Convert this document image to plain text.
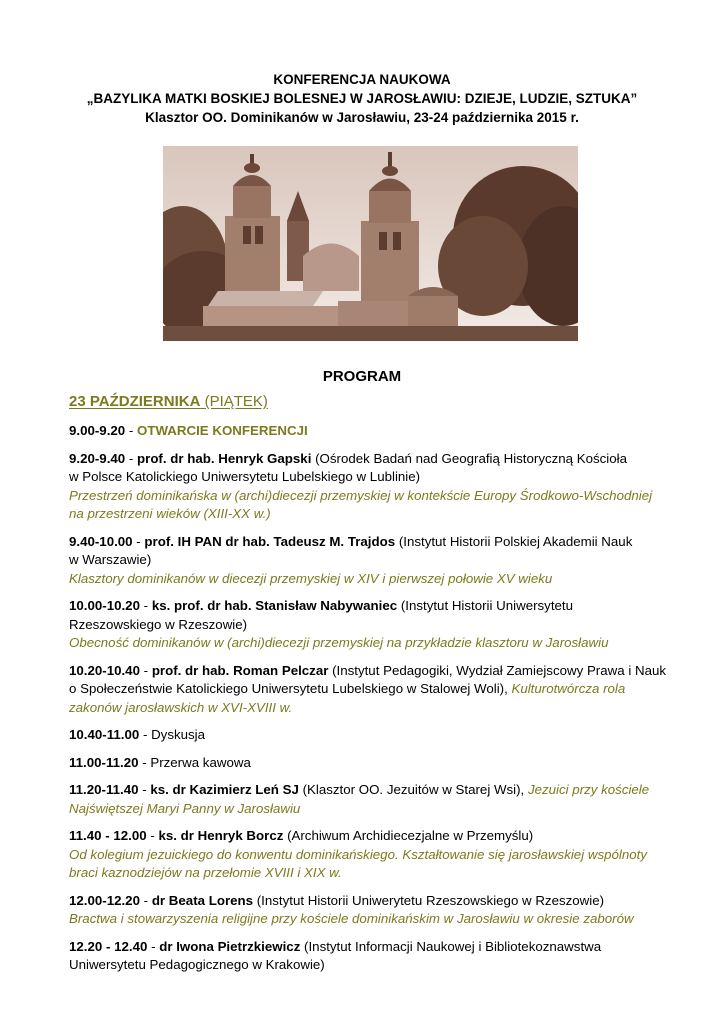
KONFERENCJA NAUKOWA
„BAZYLIKA MATKI BOSKIEJ BOLESNEJ W JAROSŁAWIU: DZIEJE, LUDZIE, SZTUKA”
Klasztor OO. Dominikanów w Jarosławiu, 23-24 października 2015 r.
PROGRAM
23 PAŹDZIERNIKA (PIĄTEK)
9.00-9.20 - OTWARCIE KONFERENCJI
9.20-9.40 - prof. dr hab. Henryk Gapski (Ośrodek Badań nad Geografią Historyczną Kościoła
w Polsce Katolickiego Uniwersytetu Lubelskiego w Lublinie)
Przestrzeń dominikańska w (archi)diecezji przemyskiej w kontekście Europy Środkowo-Wschodniej
na przestrzeni wieków (XIII-XX w.)
9.40-10.00 - prof. IH PAN dr hab. Tadeusz M. Trajdos (Instytut Historii Polskiej Akademii Nauk
w Warszawie)
Klasztory dominikanów w diecezji przemyskiej w XIV i pierwszej połowie XV wieku
10.00-10.20 - ks. prof. dr hab. Stanisław Nabywaniec (Instytut Historii Uniwersytetu
Rzeszowskiego w Rzeszowie)
Obecność dominikanów w (archi)diecezji przemyskiej na przykładzie klasztoru w Jarosławiu
10.20-10.40 - prof. dr hab. Roman Pelczar (Instytut Pedagogiki, Wydział Zamiejscowy Prawa i Nauk
o Społeczeństwie Katolickiego Uniwersytetu Lubelskiego w Stalowej Woli), Kulturotwórcza rola
zakonów jarosławskich w XVI-XVIII w.
10.40-11.00 - Dyskusja
11.00-11.20 - Przerwa kawowa
11.20-11.40 - ks. dr Kazimierz Leń SJ (Klasztor OO. Jezuitów w Starej Wsi), Jezuici przy kościele
Najświętszej Maryi Panny w Jarosławiu
11.40 - 12.00 - ks. dr Henryk Borcz (Archiwum Archidiecezjalne w Przemyślu)
Od kolegium jezuickiego do konwentu dominikańskiego. Kształtowanie się jarosławskiej wspólnoty
braci kaznodziejów na przełomie XVIII i XIX w.
12.00-12.20 - dr Beata Lorens (Instytut Historii Uniwerytetu Rzeszowskiego w Rzeszowie)
Bractwa i stowarzyszenia religijne przy kościele dominikańskim w Jarosławiu w okresie zaborów
12.20 - 12.40 - dr Iwona Pietrzkiewicz (Instytut Informacji Naukowej i Bibliotekoznawstwa
Uniwersytetu Pedagogicznego w Krakowie)
